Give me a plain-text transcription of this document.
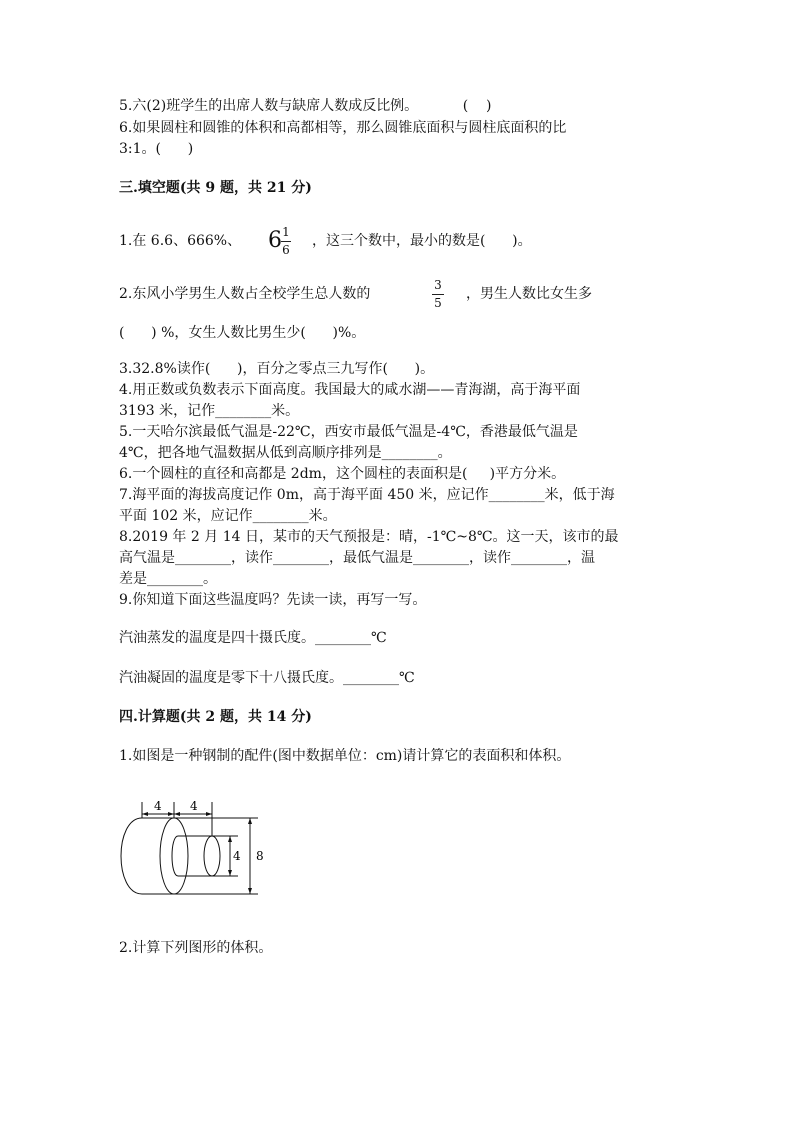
5.六(2)班学生的出席人数与缺席人数成反比例。          (    )
6.如果圆柱和圆锥的体积和高都相等，那么圆锥底面积与圆柱底面积的比
3:1。(      )
三.填空题(共 9 题，共 21 分)
1.在 6.6、666%、 6 1
6
，这三个数中，最小的数是(      )。
2.东风小学男生人数占全校学生总人数的
3
5
，男生人数比女生多
(      ) %，女生人数比男生少(      )%。
3.32.8%读作(      )，百分之零点三九写作(      )。
4.用正数或负数表示下面高度。我国最大的咸水湖——青海湖，高于海平面
3193 米，记作________米。
5.一天哈尔滨最低气温是-22℃，西安市最低气温是-4℃，香港最低气温是
4℃，把各地气温数据从低到高顺序排列是________。
6.一个圆柱的直径和高都是 2dm，这个圆柱的表面积是(     )平方分米。
7.海平面的海拔高度记作 0m，高于海平面 450 米，应记作________米，低于海
平面 102 米，应记作________米。
8.2019 年 2 月 14 日，某市的天气预报是：晴，-1℃~8℃。这一天，该市的最
高气温是________，读作________，最低气温是________，读作________，温
差是________。
9.你知道下面这些温度吗？先读一读，再写一写。
汽油蒸发的温度是四十摄氏度。________℃
汽油凝固的温度是零下十八摄氏度。________℃
四.计算题(共 2 题，共 14 分)
1.如图是一种钢制的配件(图中数据单位：cm)请计算它的表面积和体积。
4 4
4 8
2.计算下列图形的体积。
